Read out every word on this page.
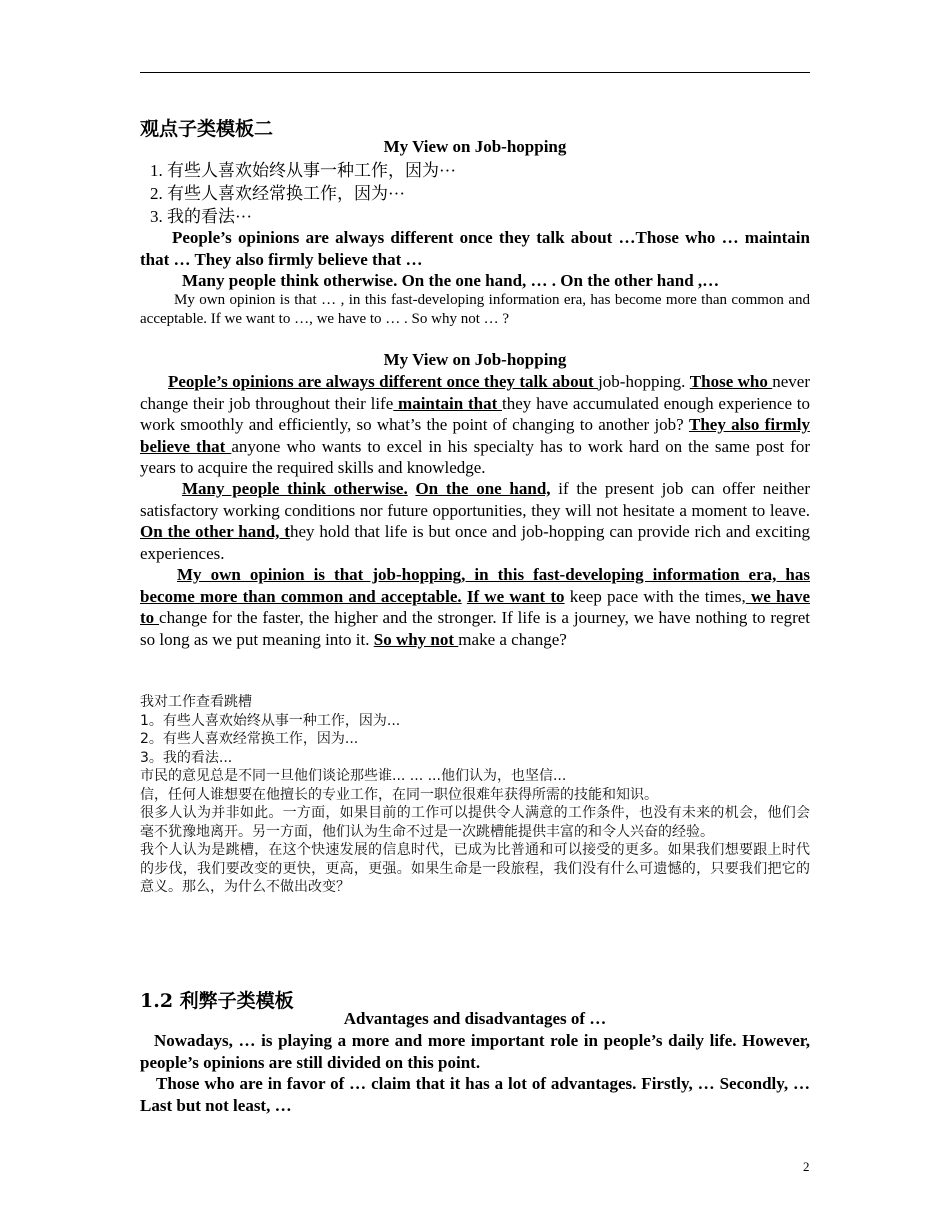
观点子类模板二
My View on Job-hopping
1. 有些人喜欢始终从事一种工作，因为···
2. 有些人喜欢经常换工作，因为···
3. 我的看法···
People’s opinions are always different once they talk about …Those who … maintain that … They also firmly believe that …
Many people think otherwise. On the one hand, … . On the other hand ,…
My own opinion is that … , in this fast-developing information era, has become more than common and acceptable. If we want to …, we have to … . So why not … ?
My View on Job-hopping
People’s opinions are always different once they talk about job-hopping. Those who never change their job throughout their life maintain that they have accumulated enough experience to work smoothly and efficiently, so what’s the point of changing to another job? They also firmly believe that anyone who wants to excel in his specialty has to work hard on the same post for years to acquire the required skills and knowledge.
Many people think otherwise. On the one hand, if the present job can offer neither satisfactory working conditions nor future opportunities, they will not hesitate a moment to leave. On the other hand, they hold that life is but once and job-hopping can provide rich and exciting experiences.
My own opinion is that job-hopping, in this fast-developing information era, has become more than common and acceptable. If we want to keep pace with the times, we have to change for the faster, the higher and the stronger. If life is a journey, we have nothing to regret so long as we put meaning into it. So why not make a change?
我对工作查看跳槽
1。有些人喜欢始终从事一种工作，因为...
2。有些人喜欢经常换工作，因为...
3。我的看法...
市民的意见总是不同一旦他们谈论那些谁... ... ...他们认为，也坚信...
信，任何人谁想要在他擅长的专业工作，在同一职位很难年获得所需的技能和知识。
很多人认为并非如此。一方面，如果目前的工作可以提供令人满意的工作条件，也没有未来的机会，他们会毫不犹豫地离开。另一方面，他们认为生命不过是一次跳槽能提供丰富的和令人兴奋的经验。
我个人认为是跳槽，在这个快速发展的信息时代，已成为比普通和可以接受的更多。如果我们想要跟上时代的步伐，我们要改变的更快，更高，更强。如果生命是一段旅程，我们没有什么可遗憾的，只要我们把它的意义。那么，为什么不做出改变？
1.2 利弊子类模板
Advantages and disadvantages of …
Nowadays, … is playing a more and more important role in people’s daily life. However, people’s opinions are still divided on this point.
Those who are in favor of … claim that it has a lot of advantages. Firstly, … Secondly, … Last but not least, …
2
